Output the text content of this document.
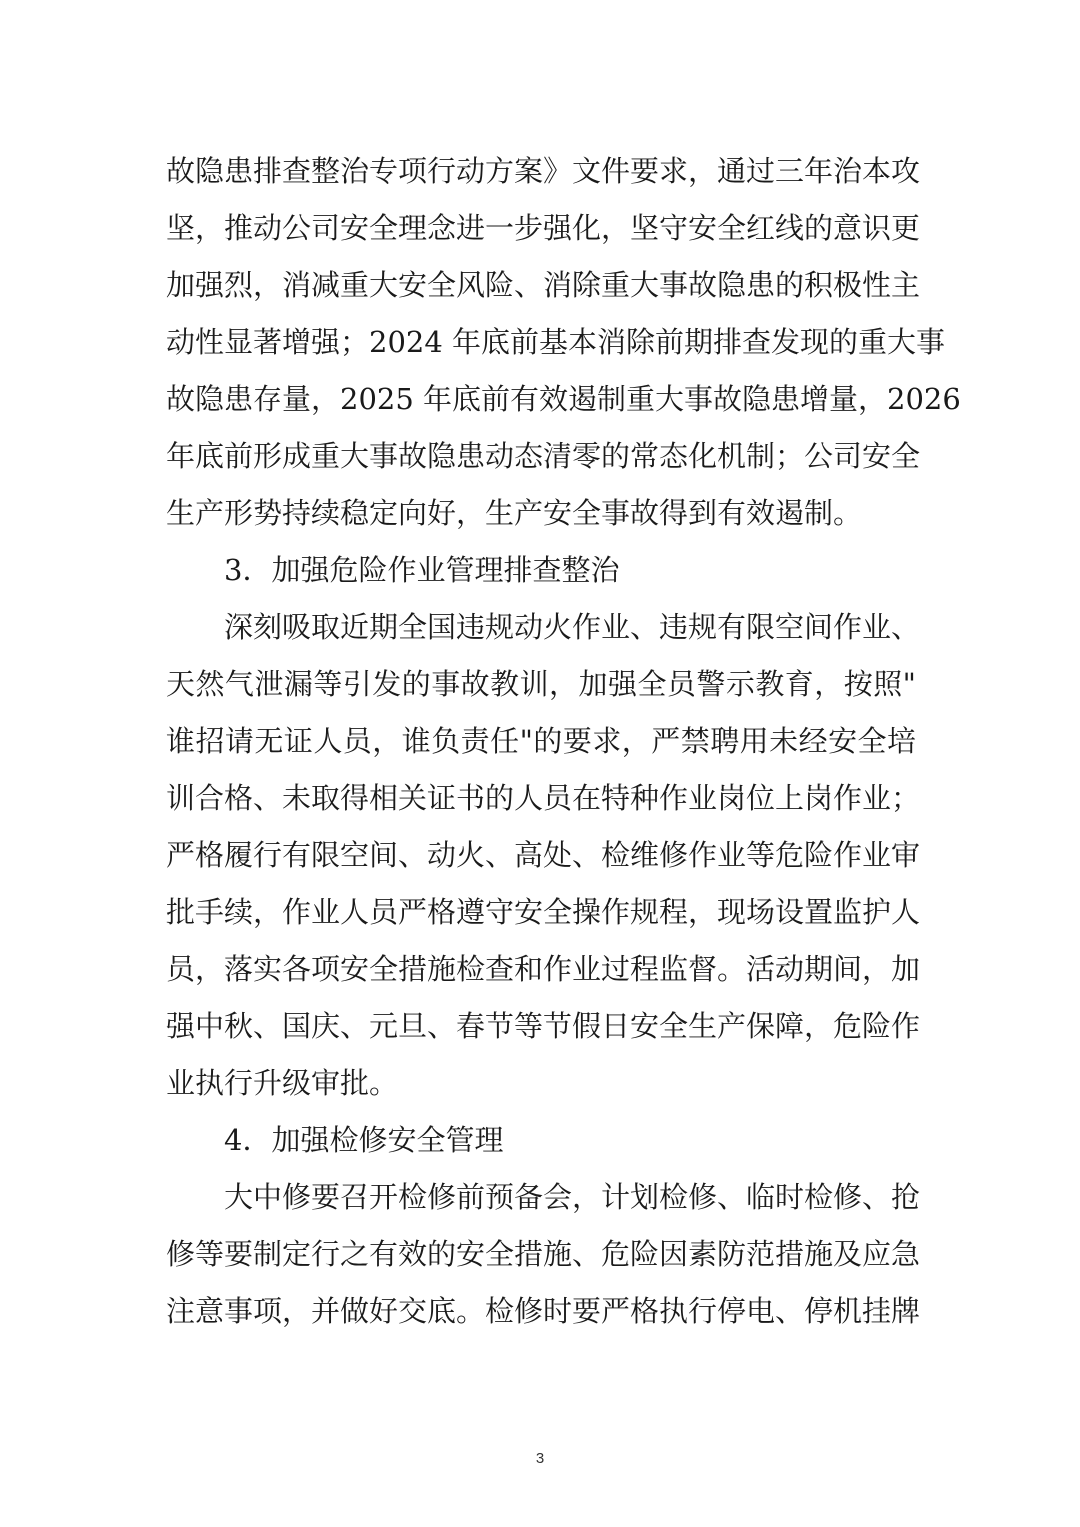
故隐患排查整治专项行动方案》文件要求，通过三年治本攻
坚，推动公司安全理念进一步强化，坚守安全红线的意识更
加强烈，消减重大安全风险、消除重大事故隐患的积极性主
动性显著增强；2024 年底前基本消除前期排查发现的重大事
故隐患存量，2025 年底前有效遏制重大事故隐患增量，2026
年底前形成重大事故隐患动态清零的常态化机制；公司安全
生产形势持续稳定向好，生产安全事故得到有效遏制。
3．加强危险作业管理排查整治
深刻吸取近期全国违规动火作业、违规有限空间作业、
天然气泄漏等引发的事故教训，加强全员警示教育，按照"
谁招请无证人员，谁负责任"的要求，严禁聘用未经安全培
训合格、未取得相关证书的人员在特种作业岗位上岗作业；
严格履行有限空间、动火、高处、检维修作业等危险作业审
批手续，作业人员严格遵守安全操作规程，现场设置监护人
员，落实各项安全措施检查和作业过程监督。活动期间，加
强中秋、国庆、元旦、春节等节假日安全生产保障，危险作
业执行升级审批。
4．加强检修安全管理
大中修要召开检修前预备会，计划检修、临时检修、抢
修等要制定行之有效的安全措施、危险因素防范措施及应急
注意事项，并做好交底。检修时要严格执行停电、停机挂牌
3
